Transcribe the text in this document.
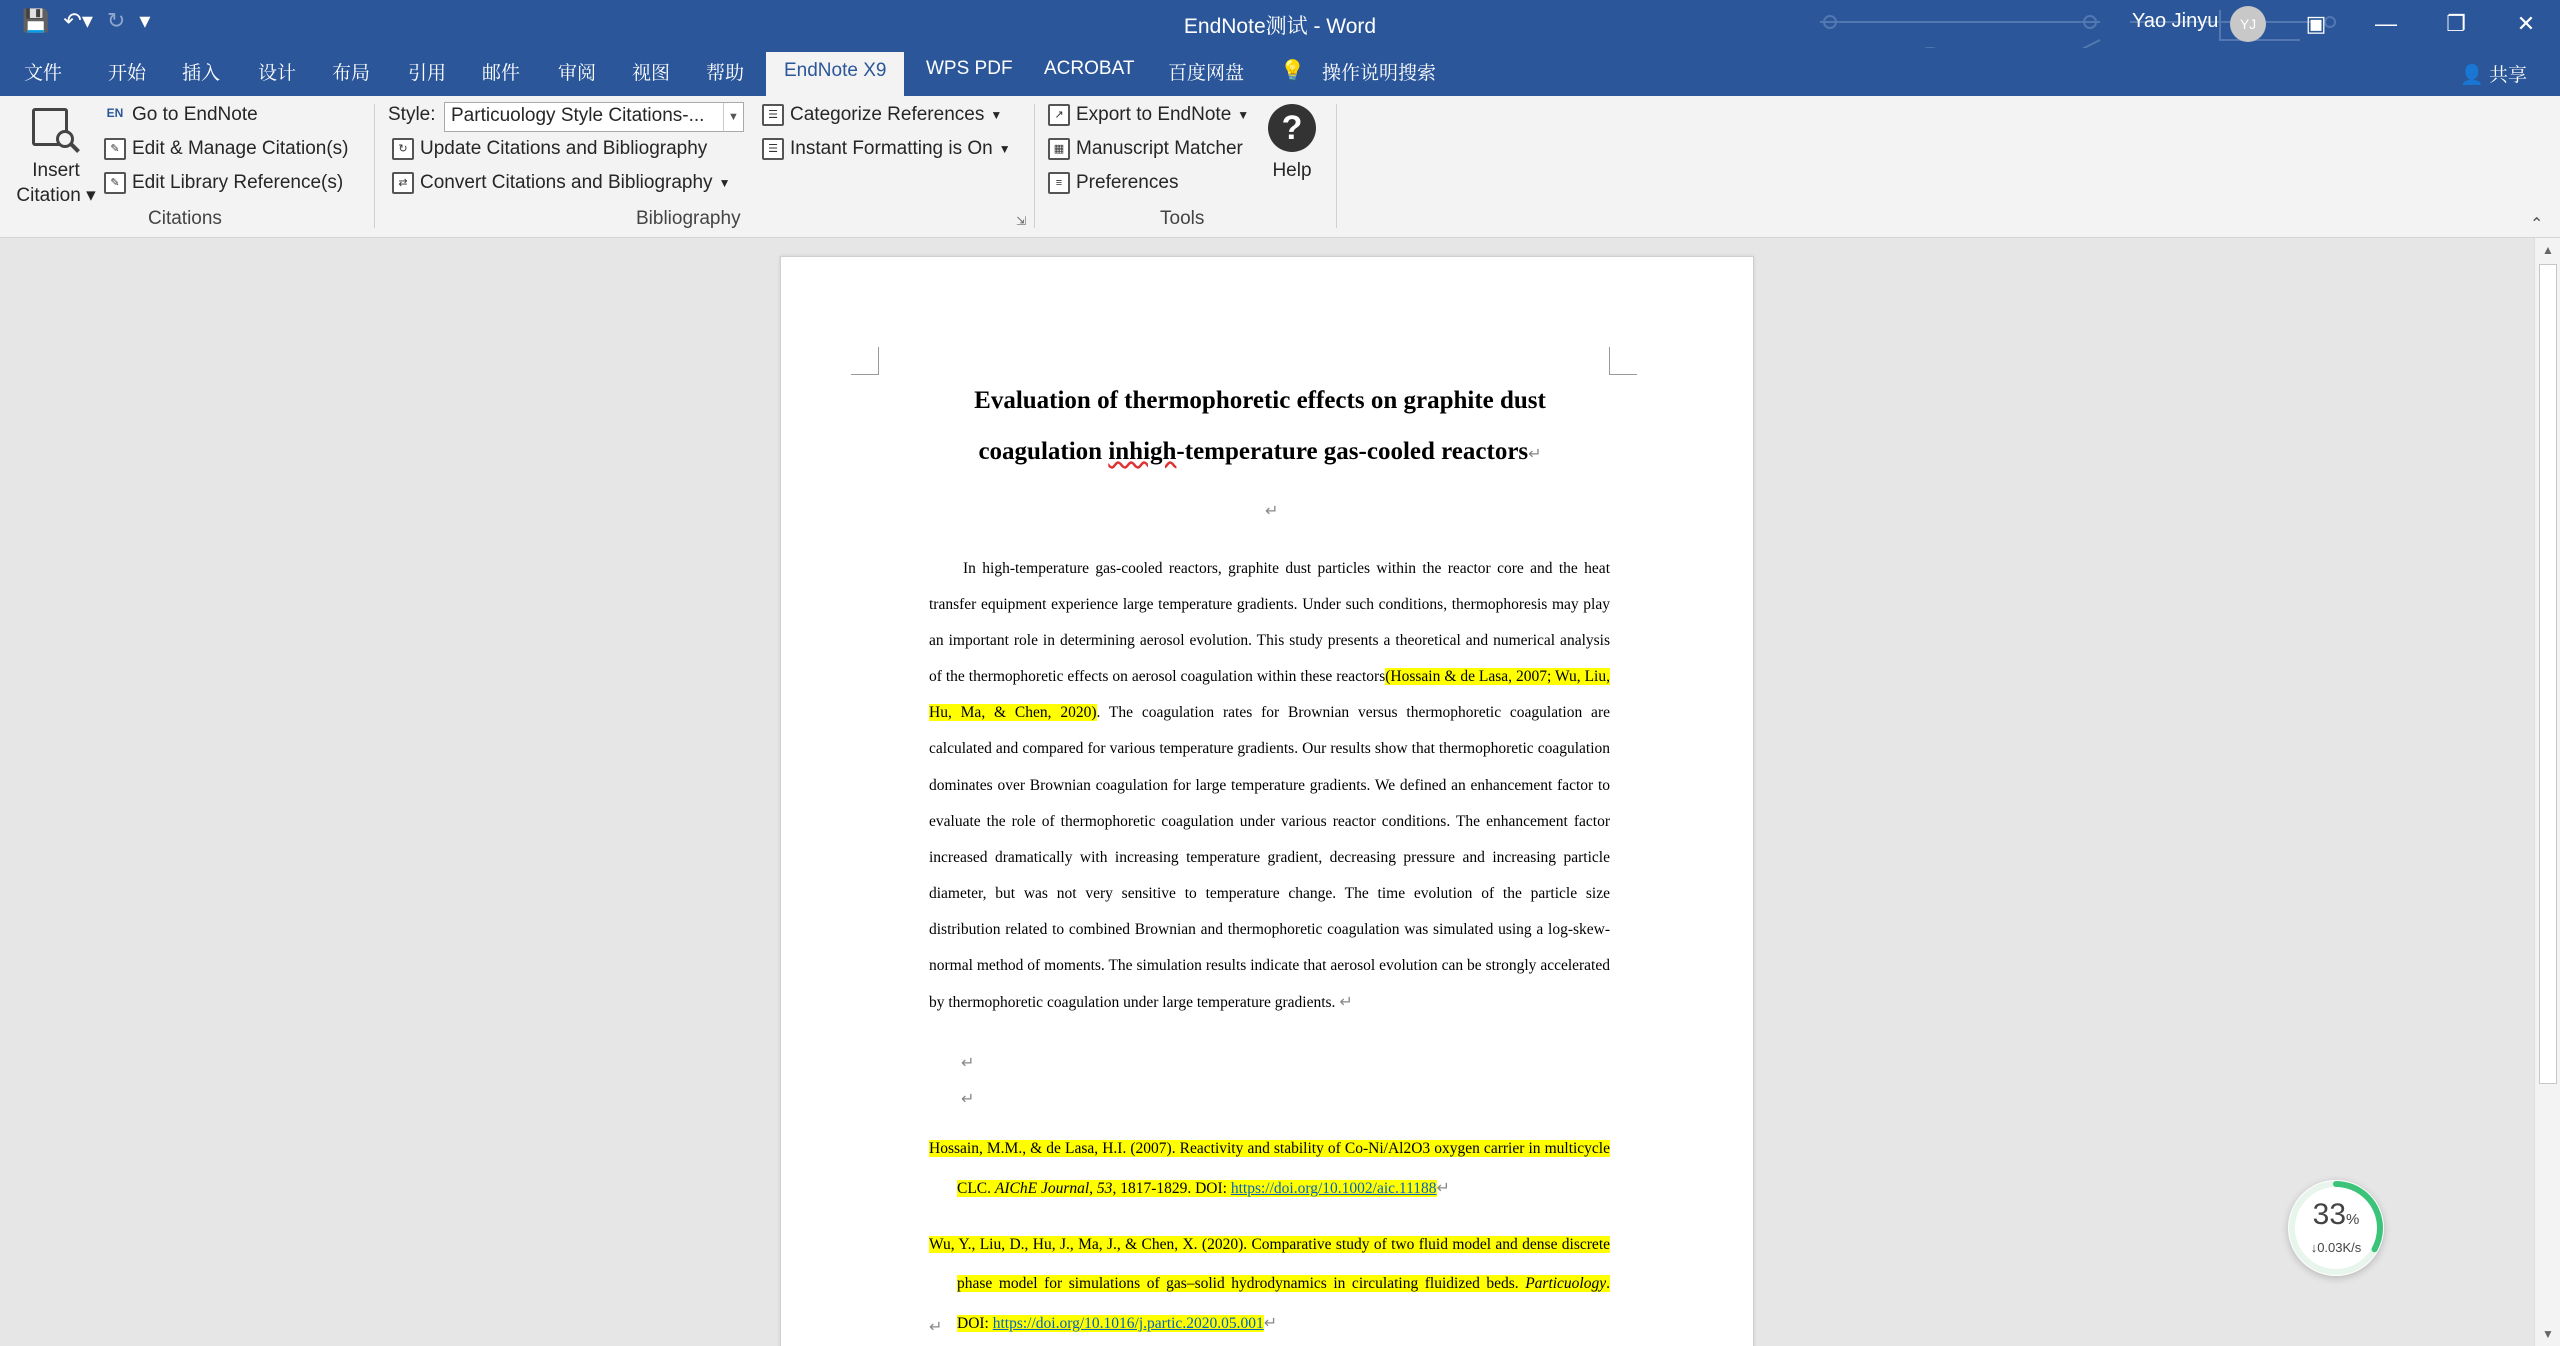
💾 ↶▾ ↻ ▾	EndNote测试 - Word	Yao Jinyu	YJ	▣	—	❐	✕
文件 开始 插入 设计 布局 引用 邮件 审阅 视图 帮助	EndNote X9	WPS PDF ACROBAT 百度网盘 💡 操作说明搜索	👤 共享
Insert
Citation ▾
EN Go to EndNote
✎ Edit & Manage Citation(s)
✎ Edit Library Reference(s)
Citations
Style: Particuology Style Citations-...	▼
↻ Update Citations and Bibliography
⇄ Convert Citations and Bibliography ▼
☰ Categorize References ▼
☰ Instant Formatting is On ▼
Bibliography	⇲
↗ Export to EndNote ▼
▦ Manuscript Matcher
≡ Preferences
?
Help
Tools	⌃
Evaluation of thermophoretic effects on graphite dust coagulation inhigh-temperature gas-cooled reactors↵
↵
In high-temperature gas-cooled reactors, graphite dust particles within the reactor core and the heat transfer equipment experience large temperature gradients. Under such conditions, thermophoresis may play an important role in determining aerosol evolution. This study presents a theoretical and numerical analysis of the thermophoretic effects on aerosol coagulation within these reactors(Hossain & de Lasa, 2007; Wu, Liu, Hu, Ma, & Chen, 2020). The coagulation rates for Brownian versus thermophoretic coagulation are calculated and compared for various temperature gradients. Our results show that thermophoretic coagulation dominates over Brownian coagulation for large temperature gradients. We defined an enhancement factor to evaluate the role of thermophoretic coagulation under various reactor conditions. The enhancement factor increased dramatically with increasing temperature gradient, decreasing pressure and increasing particle diameter, but was not very sensitive to temperature change. The time evolution of the particle size distribution related to combined Brownian and thermophoretic coagulation was simulated using a log-skew-normal method of moments. The simulation results indicate that aerosol evolution can be strongly accelerated by thermophoretic coagulation under large temperature gradients. ↵
↵
↵
Hossain, M.M., & de Lasa, H.I. (2007). Reactivity and stability of Co-Ni/Al2O3 oxygen carrier in multicycle CLC. AIChE Journal, 53, 1817-1829. DOI: https://doi.org/10.1002/aic.11188↵
Wu, Y., Liu, D., Hu, J., Ma, J., & Chen, X. (2020). Comparative study of two fluid model and dense discrete phase model for simulations of gas–solid hydrodynamics in circulating fluidized beds. Particuology. DOI: https://doi.org/10.1016/j.partic.2020.05.001↵
↵
▲
▼
33%
↓0.03K/s
